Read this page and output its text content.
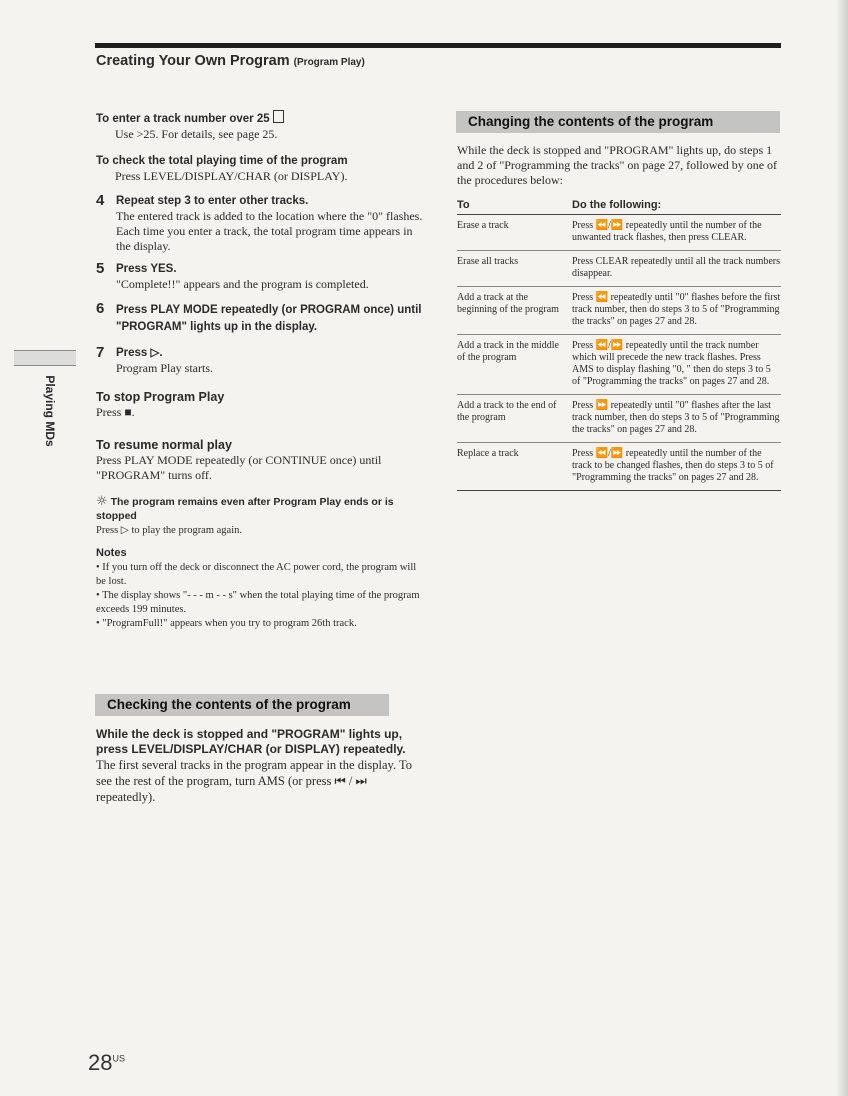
Creating Your Own Program (Program Play)
Playing MDs
To enter a track number over 25

Use >25. For details, see page 25.

To check the total playing time of the program

Press LEVEL/DISPLAY/CHAR (or DISPLAY).

4 Repeat step 3 to enter other tracks.

The entered track is added to the location where the "0" flashes.

Each time you enter a track, the total program time appears in the display.

5 Press YES.

"Complete!!" appears and the program is completed.

6 Press PLAY MODE repeatedly (or PROGRAM once) until "PROGRAM" lights up in the display.
7 Press ▷.

Program Play starts.

To stop Program Play

Press ■.

To resume normal play

Press PLAY MODE repeatedly (or CONTINUE once) until "PROGRAM" turns off.

☼ The program remains even after Program Play ends or is stopped

Press ▷ to play the program again.

Notes

• If you turn off the deck or disconnect the AC power cord, the program will be lost.

• The display shows "- - - m - - s" when the total playing time of the program exceeds 199 minutes.

• "ProgramFull!" appears when you try to program 26th track.

Checking the contents of the program
While the deck is stopped and "PROGRAM" lights up, press LEVEL/DISPLAY/CHAR (or DISPLAY) repeatedly.

The first several tracks in the program appear in the display. To see the rest of the program, turn AMS (or press ⏮ / ⏭ repeatedly).

Changing the contents of the program

While the deck is stopped and "PROGRAM" lights up, do steps 1 and 2 of "Programming the tracks" on page 27, followed by one of the procedures below:

To	Do the following:
Erase a track	Press ⏪/⏩ repeatedly until the number of the unwanted track flashes, then press CLEAR.
Erase all tracks	Press CLEAR repeatedly until all the track numbers disappear.
Add a track at the beginning of the program	Press ⏪ repeatedly until "0" flashes before the first track number, then do steps 3 to 5 of "Programming the tracks" on pages 27 and 28.
Add a track in the middle of the program	Press ⏪/⏩ repeatedly until the track number which will precede the new track flashes. Press AMS to display flashing "0, " then do steps 3 to 5 of "Programming the tracks" on pages 27 and 28.
Add a track to the end of the program	Press ⏩ repeatedly until "0" flashes after the last track number, then do steps 3 to 5 of "Programming the tracks" on pages 27 and 28.
Replace a track	Press ⏪/⏩ repeatedly until the number of the track to be changed flashes, then do steps 3 to 5 of "Programming the tracks" on pages 27 and 28.
$28^{US}$
